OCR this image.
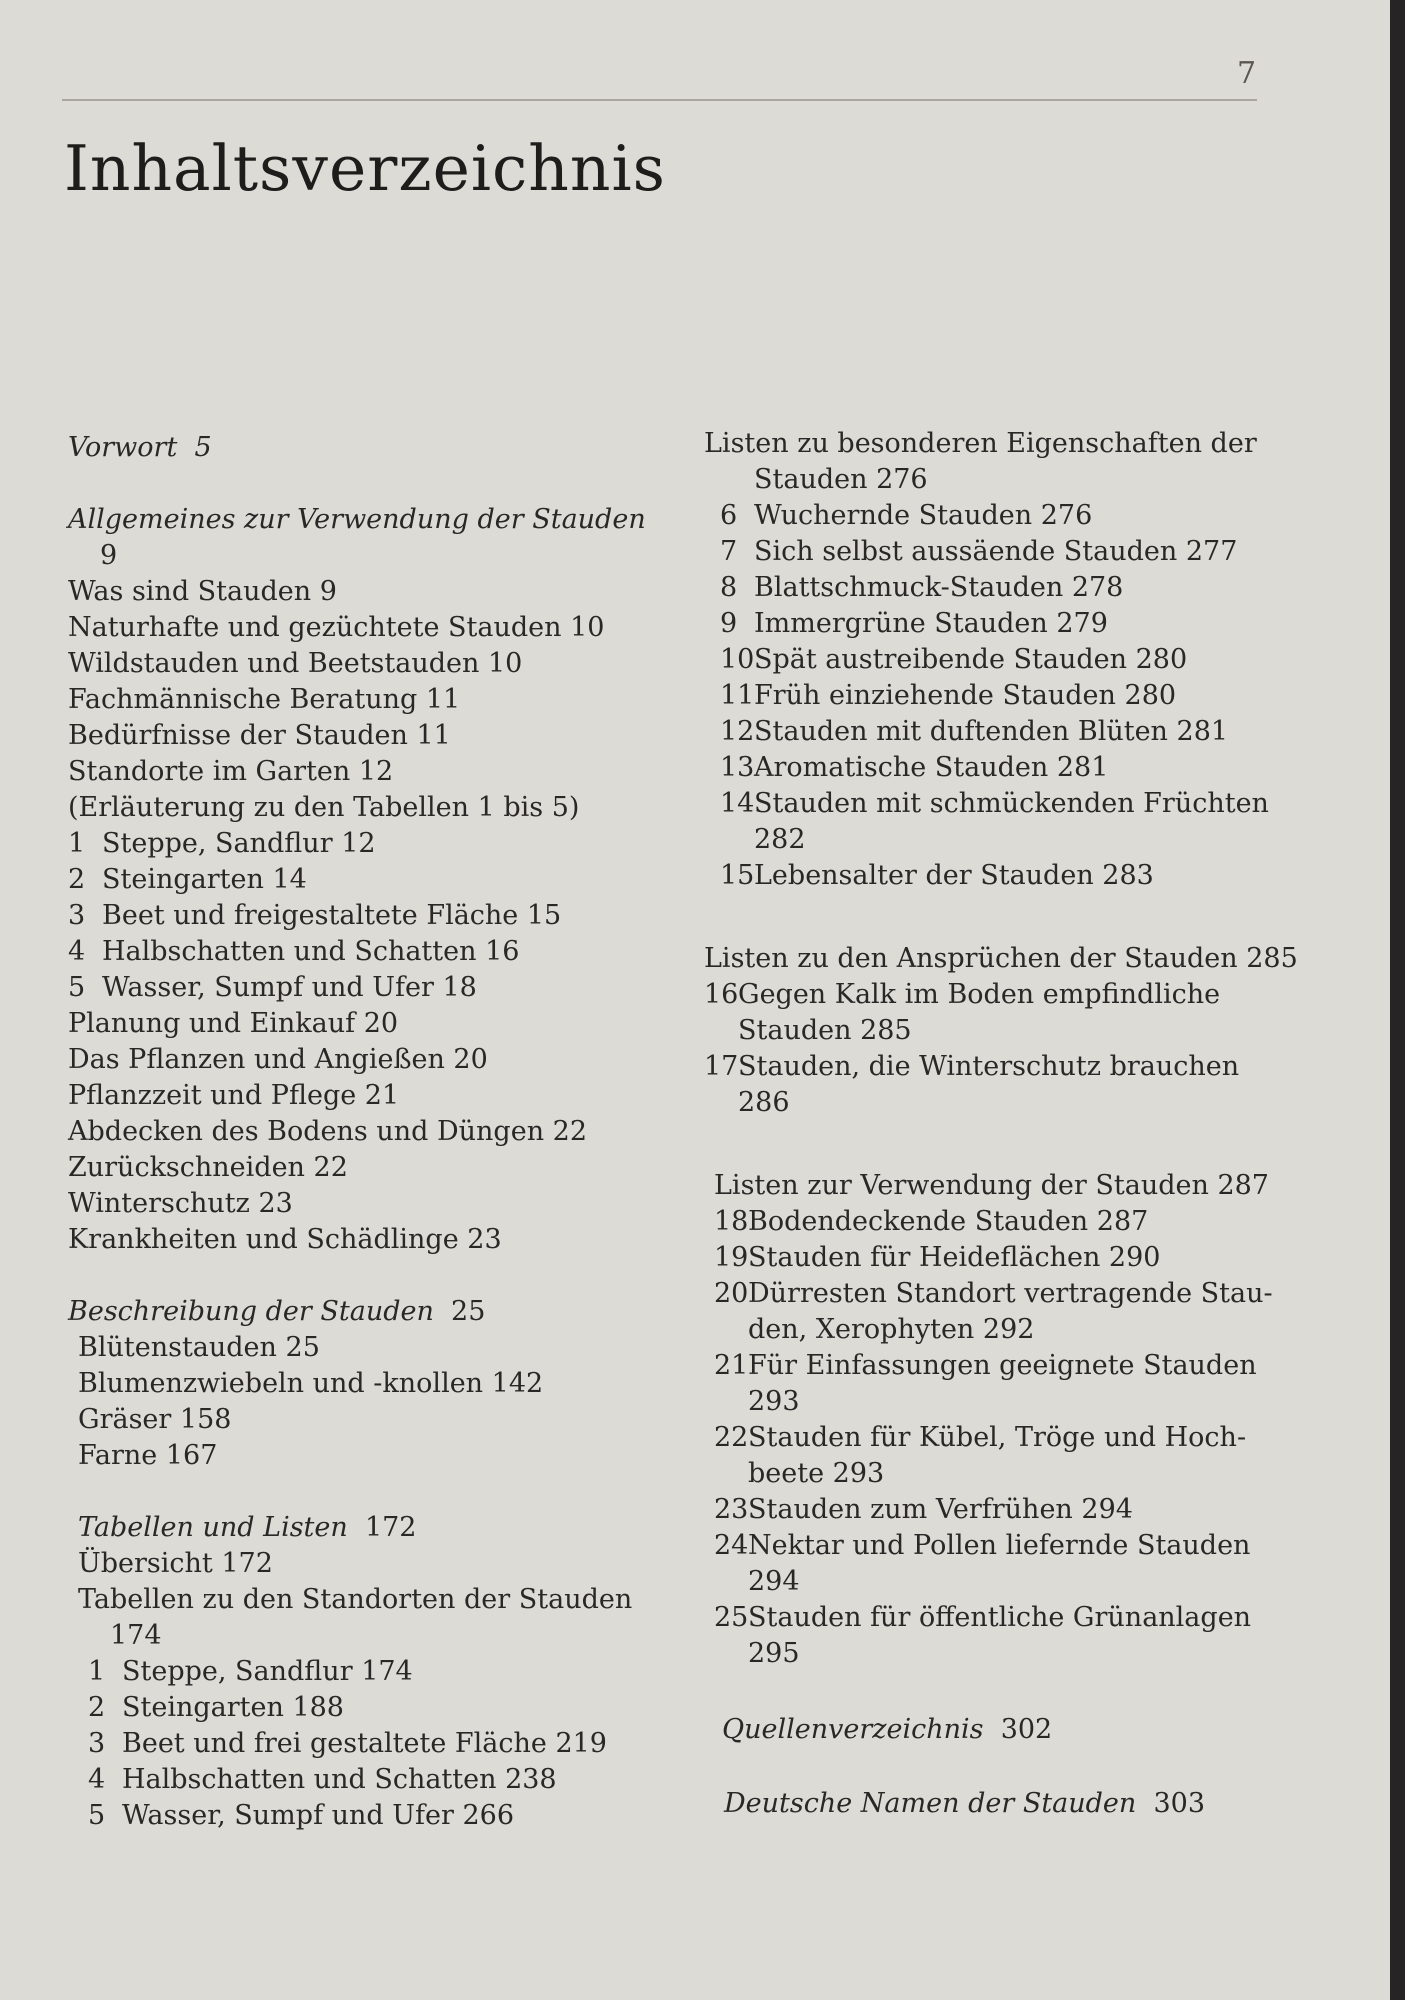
7
Inhaltsverzeichnis
Vorwort 5
Allgemeines zur Verwendung der Stauden
9
Was sind Stauden 9
Naturhafte und gezüchtete Stauden 10
Wildstauden und Beetstauden 10
Fachmännische Beratung 11
Bedürfnisse der Stauden 11
Standorte im Garten 12
(Erläuterung zu den Tabellen 1 bis 5)
1 Steppe, Sandflur 12
2 Steingarten 14
3 Beet und freigestaltete Fläche 15
4 Halbschatten und Schatten 16
5 Wasser, Sumpf und Ufer 18
Planung und Einkauf 20
Das Pflanzen und Angießen 20
Pflanzzeit und Pflege 21
Abdecken des Bodens und Düngen 22
Zurückschneiden 22
Winterschutz 23
Krankheiten und Schädlinge 23
Beschreibung der Stauden 25
Blütenstauden 25
Blumenzwiebeln und -knollen 142
Gräser 158
Farne 167
Tabellen und Listen 172
Übersicht 172
Tabellen zu den Standorten der Stauden
174
1 Steppe, Sandflur 174
2 Steingarten 188
3 Beet und frei gestaltete Fläche 219
4 Halbschatten und Schatten 238
5 Wasser, Sumpf und Ufer 266
Listen zu besonderen Eigenschaften der
Stauden 276
6 Wuchernde Stauden 276
7 Sich selbst aussäende Stauden 277
8 Blattschmuck-Stauden 278
9 Immergrüne Stauden 279
10 Spät austreibende Stauden 280
11 Früh einziehende Stauden 280
12 Stauden mit duftenden Blüten 281
13 Aromatische Stauden 281
14 Stauden mit schmückenden Früchten
282
15 Lebensalter der Stauden 283
Listen zu den Ansprüchen der Stauden 285
16 Gegen Kalk im Boden empfindliche
Stauden 285
17 Stauden, die Winterschutz brauchen
286
Listen zur Verwendung der Stauden 287
18 Bodendeckende Stauden 287
19 Stauden für Heideflächen 290
20 Dürresten Standort vertragende Stau-
den, Xerophyten 292
21 Für Einfassungen geeignete Stauden
293
22 Stauden für Kübel, Tröge und Hoch-
beete 293
23 Stauden zum Verfrühen 294
24 Nektar und Pollen liefernde Stauden
294
25 Stauden für öffentliche Grünanlagen
295
Quellenverzeichnis 302
Deutsche Namen der Stauden 303
